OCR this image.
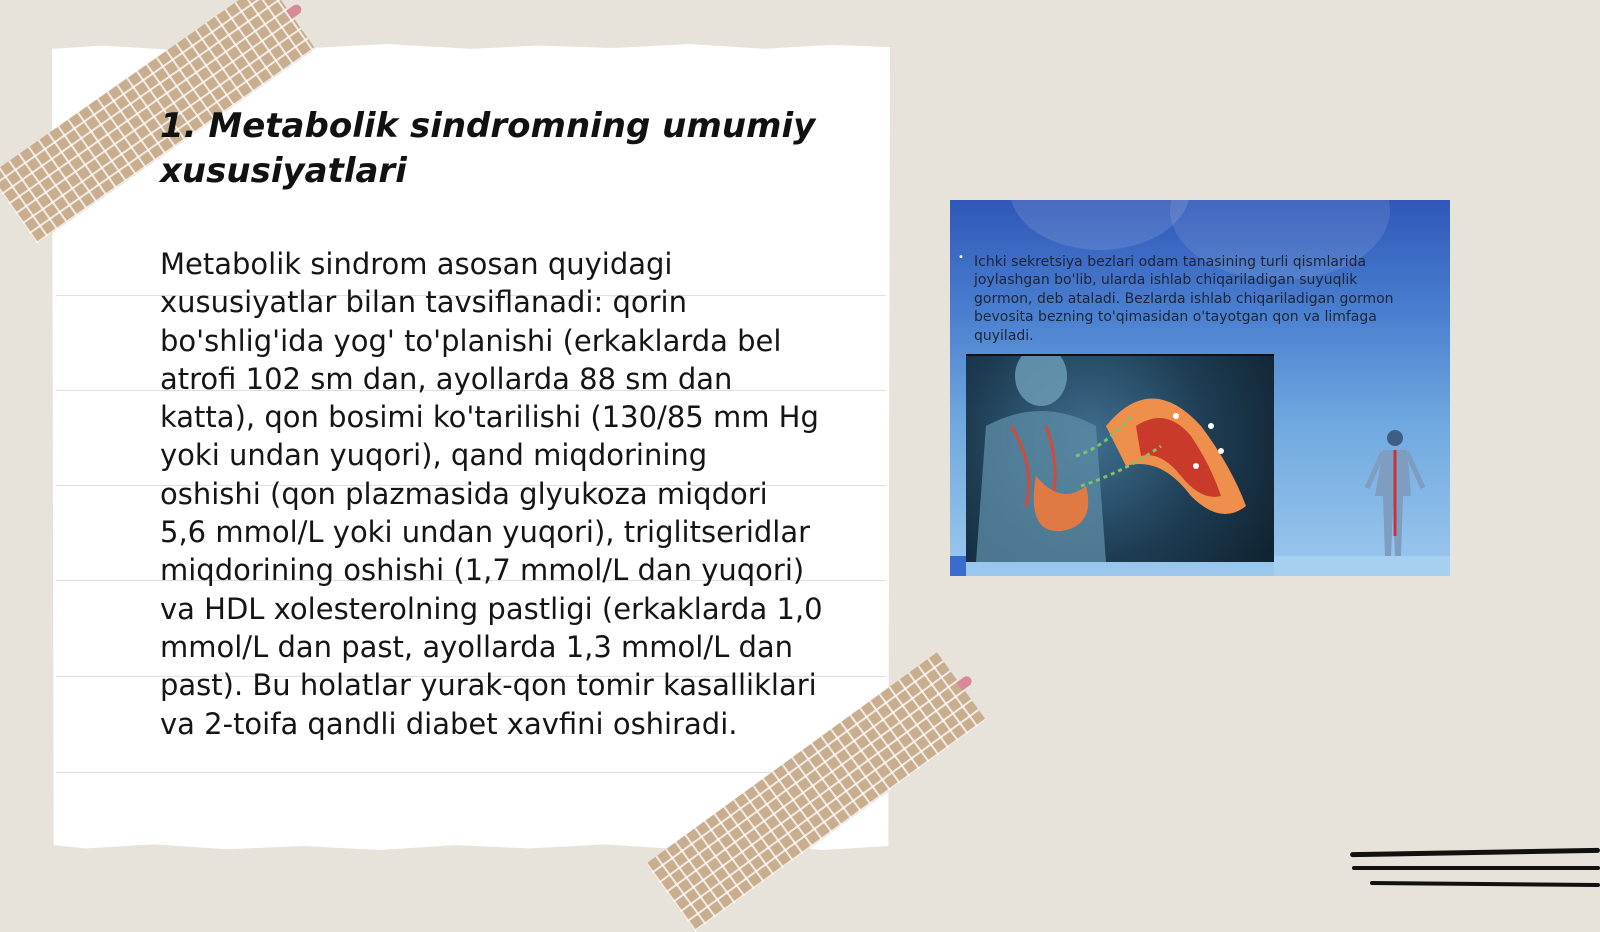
1. Metabolik sindromning umumiy
xususiyatlari

Metabolik sindrom asosan quyidagi
xususiyatlar bilan tavsiflanadi: qorin
bo'shlig'ida yog' to'planishi (erkaklarda bel
atrofi 102 sm dan, ayollarda 88 sm dan
katta), qon bosimi ko'tarilishi (130/85 mm Hg
yoki undan yuqori), qand miqdorining
oshishi (qon plazmasida glyukoza miqdori
5,6 mmol/L yoki undan yuqori), triglitseridlar
miqdorining oshishi (1,7 mmol/L dan yuqori)
va HDL xolesterolning pastligi (erkaklarda 1,0
mmol/L dan past, ayollarda 1,3 mmol/L dan
past). Bu holatlar yurak-qon tomir kasalliklari
va 2-toifa qandli diabet xavfini oshiradi.

• Ichki sekretsiya bezlari odam tanasining turli qismlarida
joylashgan bo'lib, ularda ishlab chiqariladigan suyuqlik
gormon, deb ataladi. Bezlarda ishlab chiqariladigan gormon
bevosita bezning to'qimasidan o'tayotgan qon va limfaga
quyiladi.
